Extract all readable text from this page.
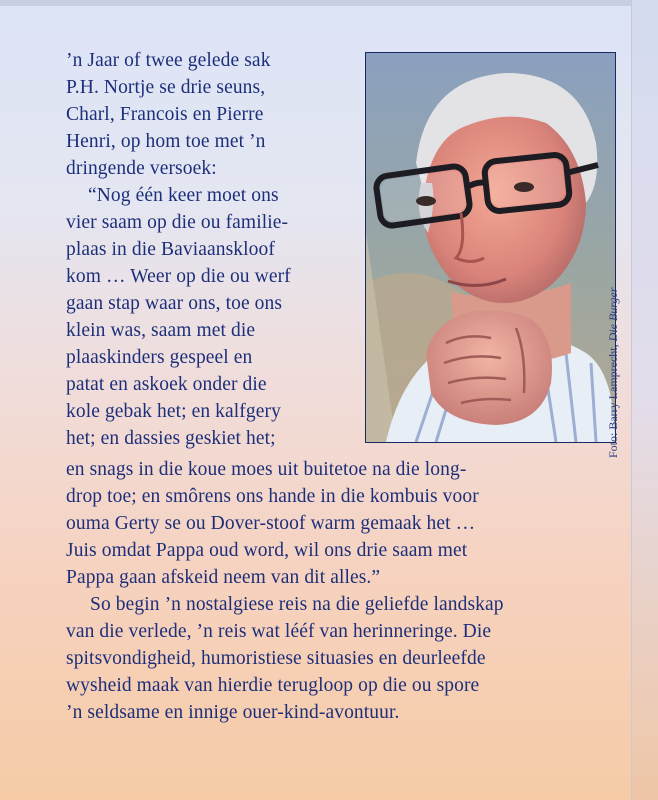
’n Jaar of twee gelede sak
P.H. Nortje se drie seuns,
Charl, Francois en Pierre
Henri, op hom toe met ’n
dringende versoek:
“Nog één keer moet ons
vier saam op die ou familie-
plaas in die Baviaanskloof
kom … Weer op die ou werf
gaan stap waar ons, toe ons
klein was, saam met die
plaaskinders gespeel en
patat en askoek onder die
kole gebak het; en kalfgery
het; en dassies geskiet het;
en snags in die koue moes uit buitetoe na die long-
drop toe; en smôrens ons hande in die kombuis voor
ouma Gerty se ou Dover-stoof warm gemaak het …
Juis omdat Pappa oud word, wil ons drie saam met
Pappa gaan afskeid neem van dit alles.”
So begin ’n nostalgiese reis na die geliefde landskap
van die verlede, ’n reis wat lééf van herinneringe. Die
spitsvondigheid, humoristiese situasies en deurleefde
wysheid maak van hierdie terugloop op die ou spore
’n seldsame en innige ouer-kind-avontuur.
Foto: Barry Lamprecht, Die Burger
